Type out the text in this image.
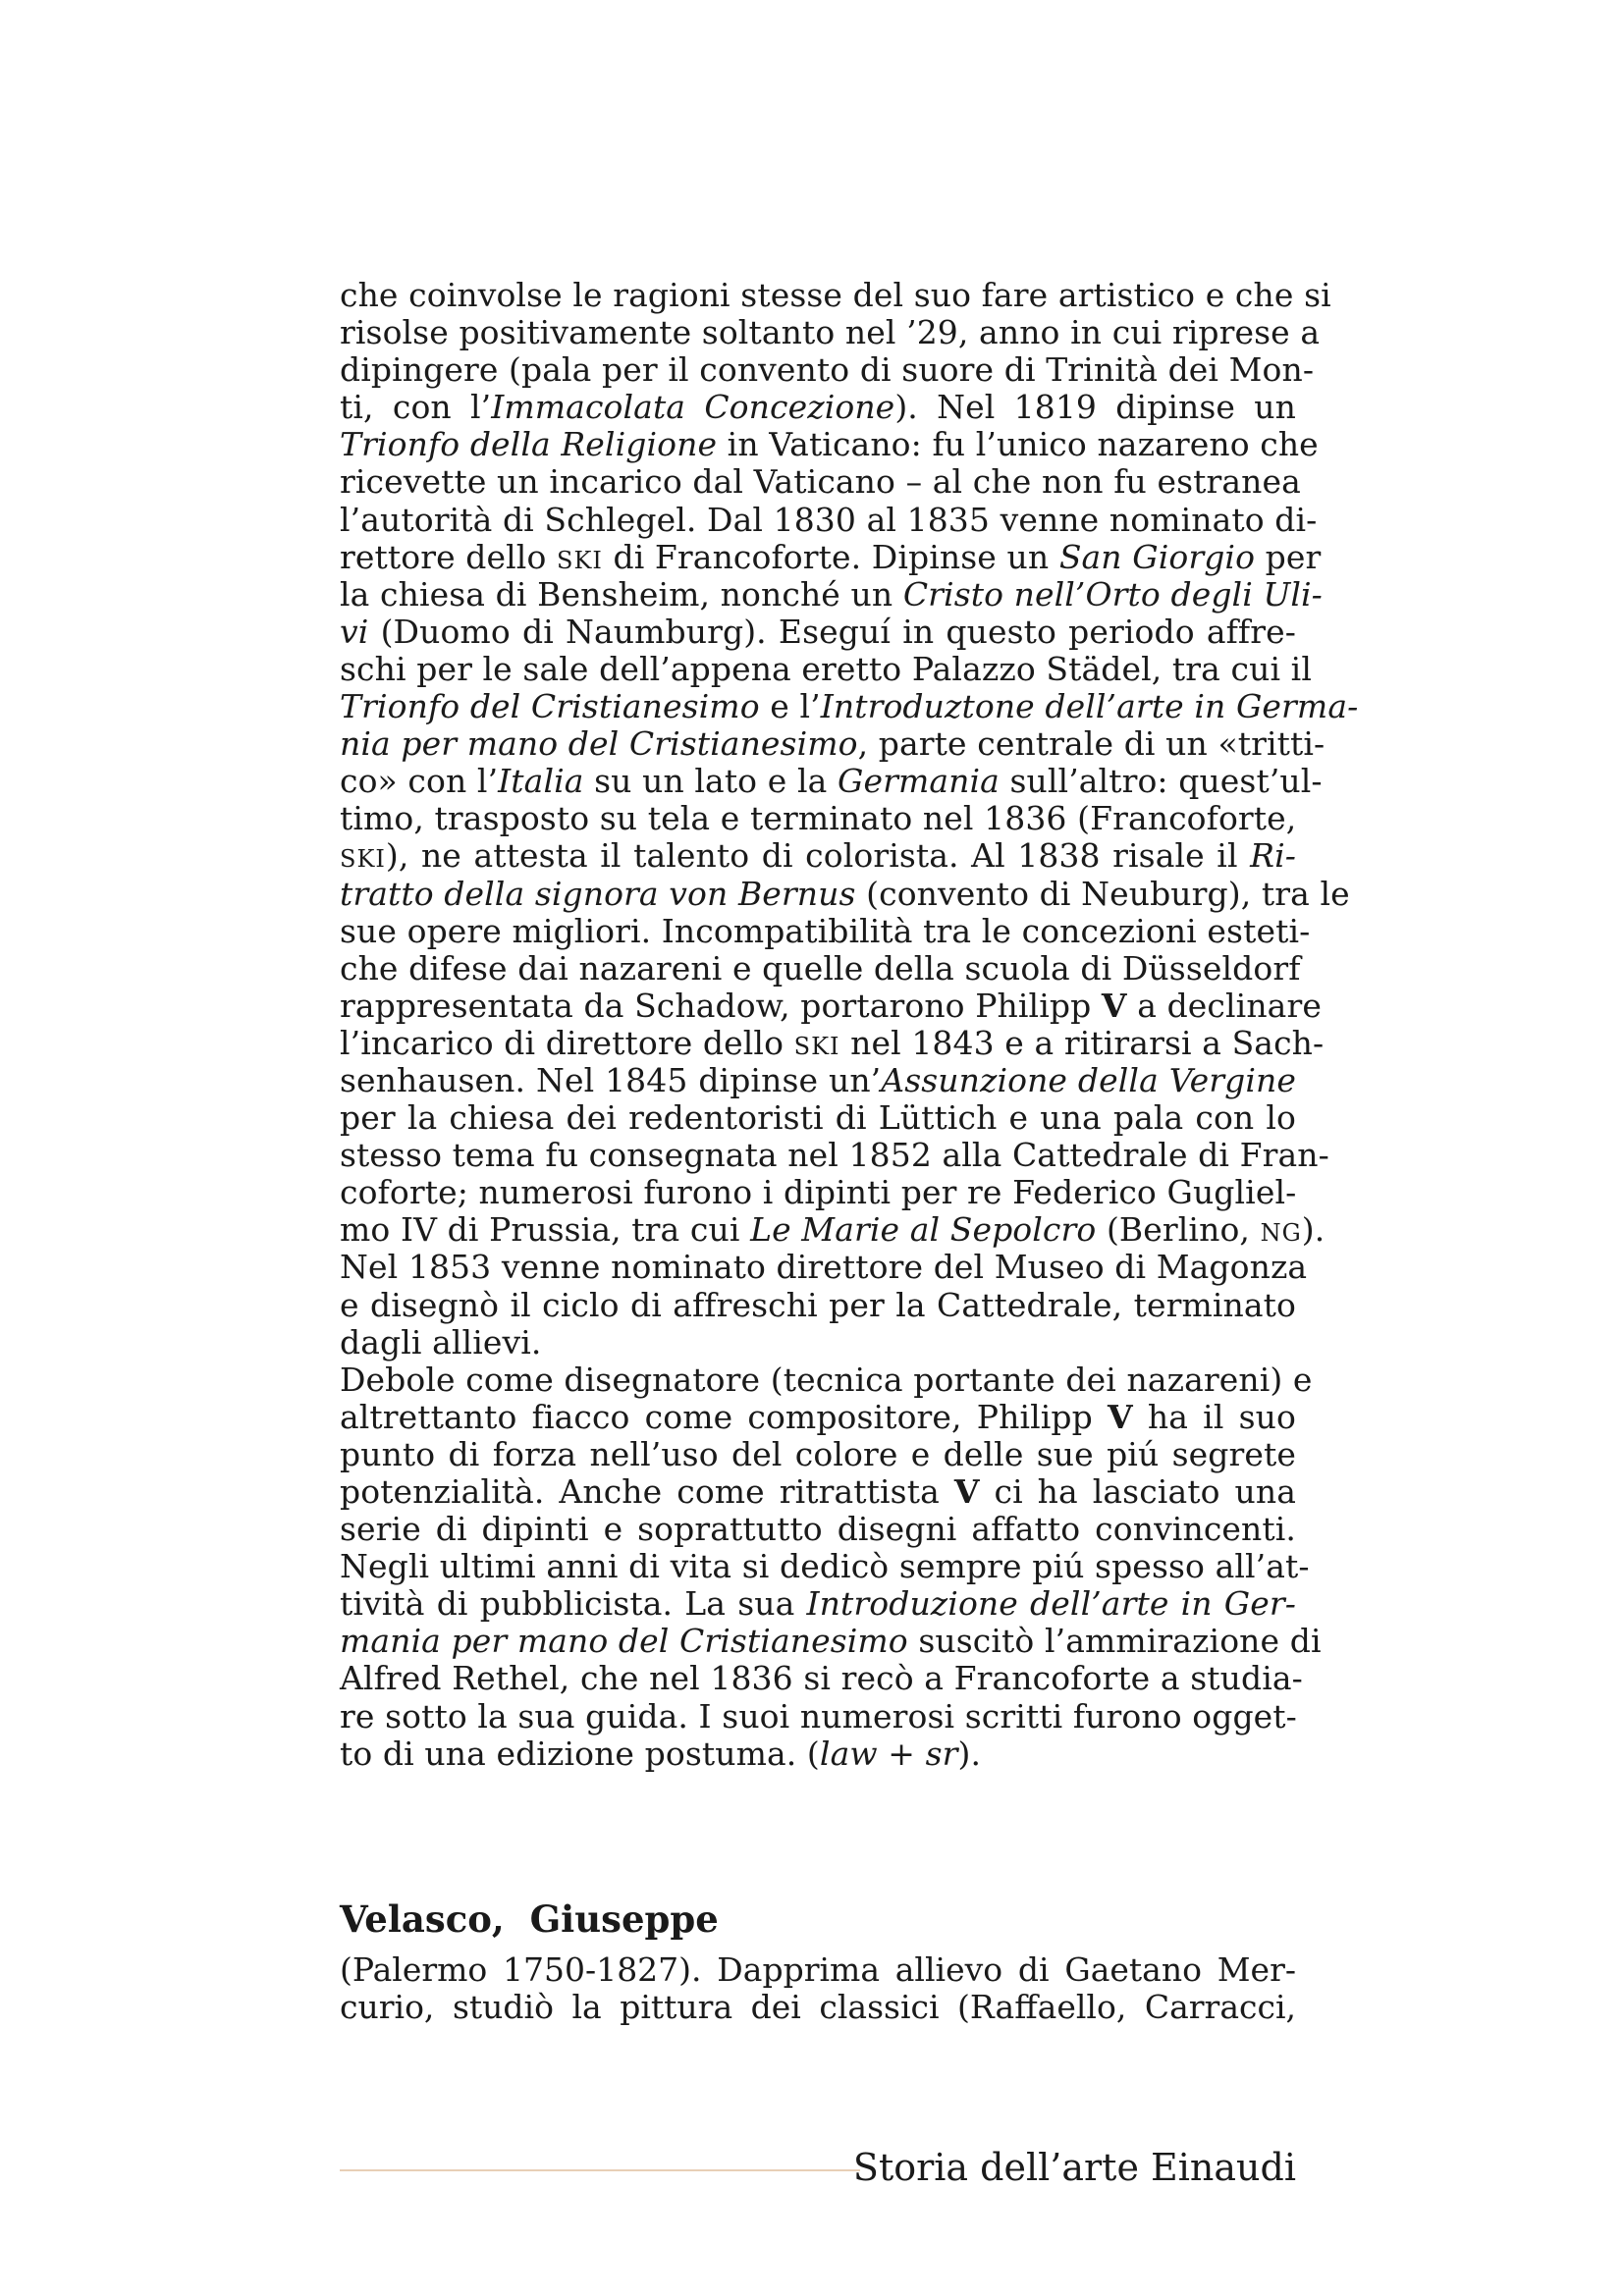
che coinvolse le ragioni stesse del suo fare artistico e che si
risolse positivamente soltanto nel ’29, anno in cui riprese a
dipingere (pala per il convento di suore di Trinità dei Mon-
ti, con l’Immacolata Concezione). Nel 1819 dipinse un
Trionfo della Religione in Vaticano: fu l’unico nazareno che
ricevette un incarico dal Vaticano – al che non fu estranea
l’autorità di Schlegel. Dal 1830 al 1835 venne nominato di-
rettore dello SKI di Francoforte. Dipinse un San Giorgio per
la chiesa di Bensheim, nonché un Cristo nell’Orto degli Uli-
vi (Duomo di Naumburg). Eseguí in questo periodo affre-
schi per le sale dell’appena eretto Palazzo Städel, tra cui il
Trionfo del Cristianesimo e l’Introduztone dell’arte in Germa-
nia per mano del Cristianesimo, parte centrale di un «tritti-
co» con l’Italia su un lato e la Germania sull’altro: quest’ul-
timo, trasposto su tela e terminato nel 1836 (Francoforte,
SKI), ne attesta il talento di colorista. Al 1838 risale il Ri-
tratto della signora von Bernus (convento di Neuburg), tra le
sue opere migliori. Incompatibilità tra le concezioni esteti-
che difese dai nazareni e quelle della scuola di Düsseldorf
rappresentata da Schadow, portarono Philipp V a declinare
l’incarico di direttore dello SKI nel 1843 e a ritirarsi a Sach-
senhausen. Nel 1845 dipinse un’Assunzione della Vergine
per la chiesa dei redentoristi di Lüttich e una pala con lo
stesso tema fu consegnata nel 1852 alla Cattedrale di Fran-
coforte; numerosi furono i dipinti per re Federico Gugliel-
mo IV di Prussia, tra cui Le Marie al Sepolcro (Berlino, NG).
Nel 1853 venne nominato direttore del Museo di Magonza
e disegnò il ciclo di affreschi per la Cattedrale, terminato
dagli allievi.
Debole come disegnatore (tecnica portante dei nazareni) e
altrettanto fiacco come compositore, Philipp V ha il suo
punto di forza nell’uso del colore e delle sue piú segrete
potenzialità. Anche come ritrattista V ci ha lasciato una
serie di dipinti e soprattutto disegni affatto convincenti.
Negli ultimi anni di vita si dedicò sempre piú spesso all’at-
tività di pubblicista. La sua Introduzione dell’arte in Ger-
mania per mano del Cristianesimo suscitò l’ammirazione di
Alfred Rethel, che nel 1836 si recò a Francoforte a studia-
re sotto la sua guida. I suoi numerosi scritti furono ogget-
to di una edizione postuma. (law + sr).
Velasco,  Giuseppe
(Palermo 1750-1827). Dapprima allievo di Gaetano Mer-
curio, studiò la pittura dei classici (Raffaello, Carracci,
Storia dell’arte Einaudi
